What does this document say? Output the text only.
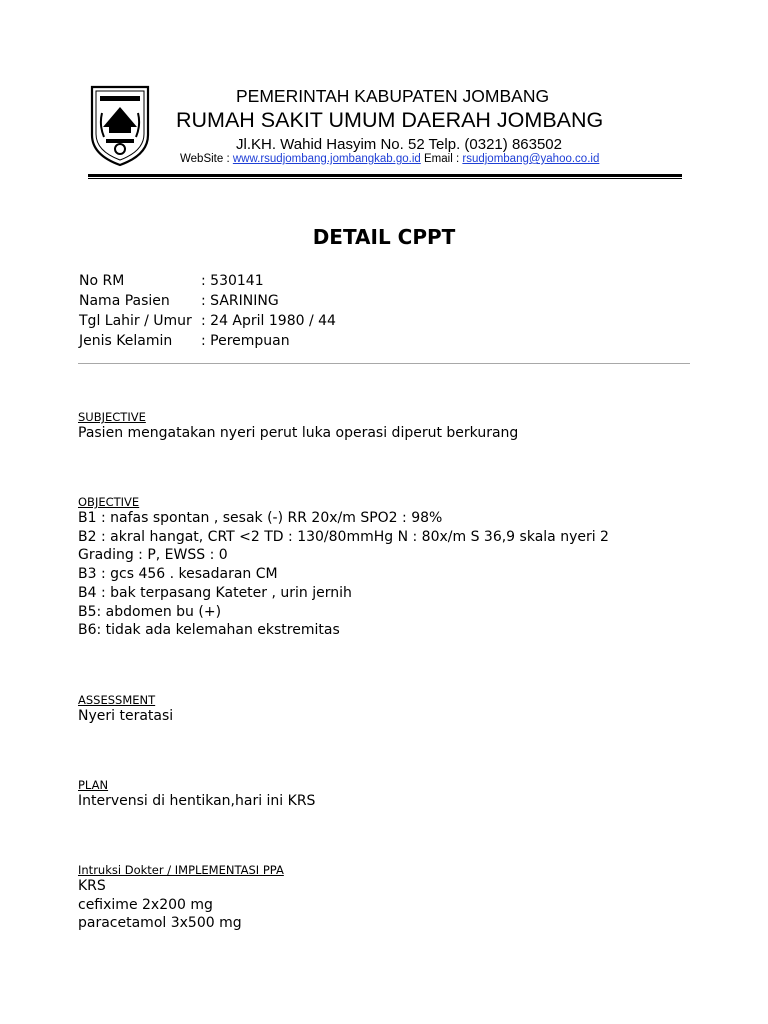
PEMERINTAH KABUPATEN JOMBANG
RUMAH SAKIT UMUM DAERAH JOMBANG
Jl.KH. Wahid Hasyim No. 52 Telp. (0321) 863502
WebSite : www.rsudjombang.jombangkab.go.id Email : rsudjombang@yahoo.co.id
DETAIL CPPT
No RM	: 530141
Nama Pasien : SARINING
Tgl Lahir / Umur : 24 April 1980 / 44
Jenis Kelamin : Perempuan
SUBJECTIVE
Pasien mengatakan nyeri perut luka operasi diperut berkurang
OBJECTIVE
B1 : nafas spontan , sesak (-) RR 20x/m SPO2 : 98%
B2 : akral hangat, CRT <2 TD : 130/80mmHg N : 80x/m S 36,9 skala nyeri 2
Grading : P, EWSS : 0
B3 : gcs 456 . kesadaran CM
B4 : bak terpasang Kateter , urin jernih
B5: abdomen bu (+)
B6: tidak ada kelemahan ekstremitas
ASSESSMENT
Nyeri teratasi
PLAN
Intervensi di hentikan,hari ini KRS
Intruksi Dokter / IMPLEMENTASI PPA
KRS
cefixime 2x200 mg
paracetamol 3x500 mg
